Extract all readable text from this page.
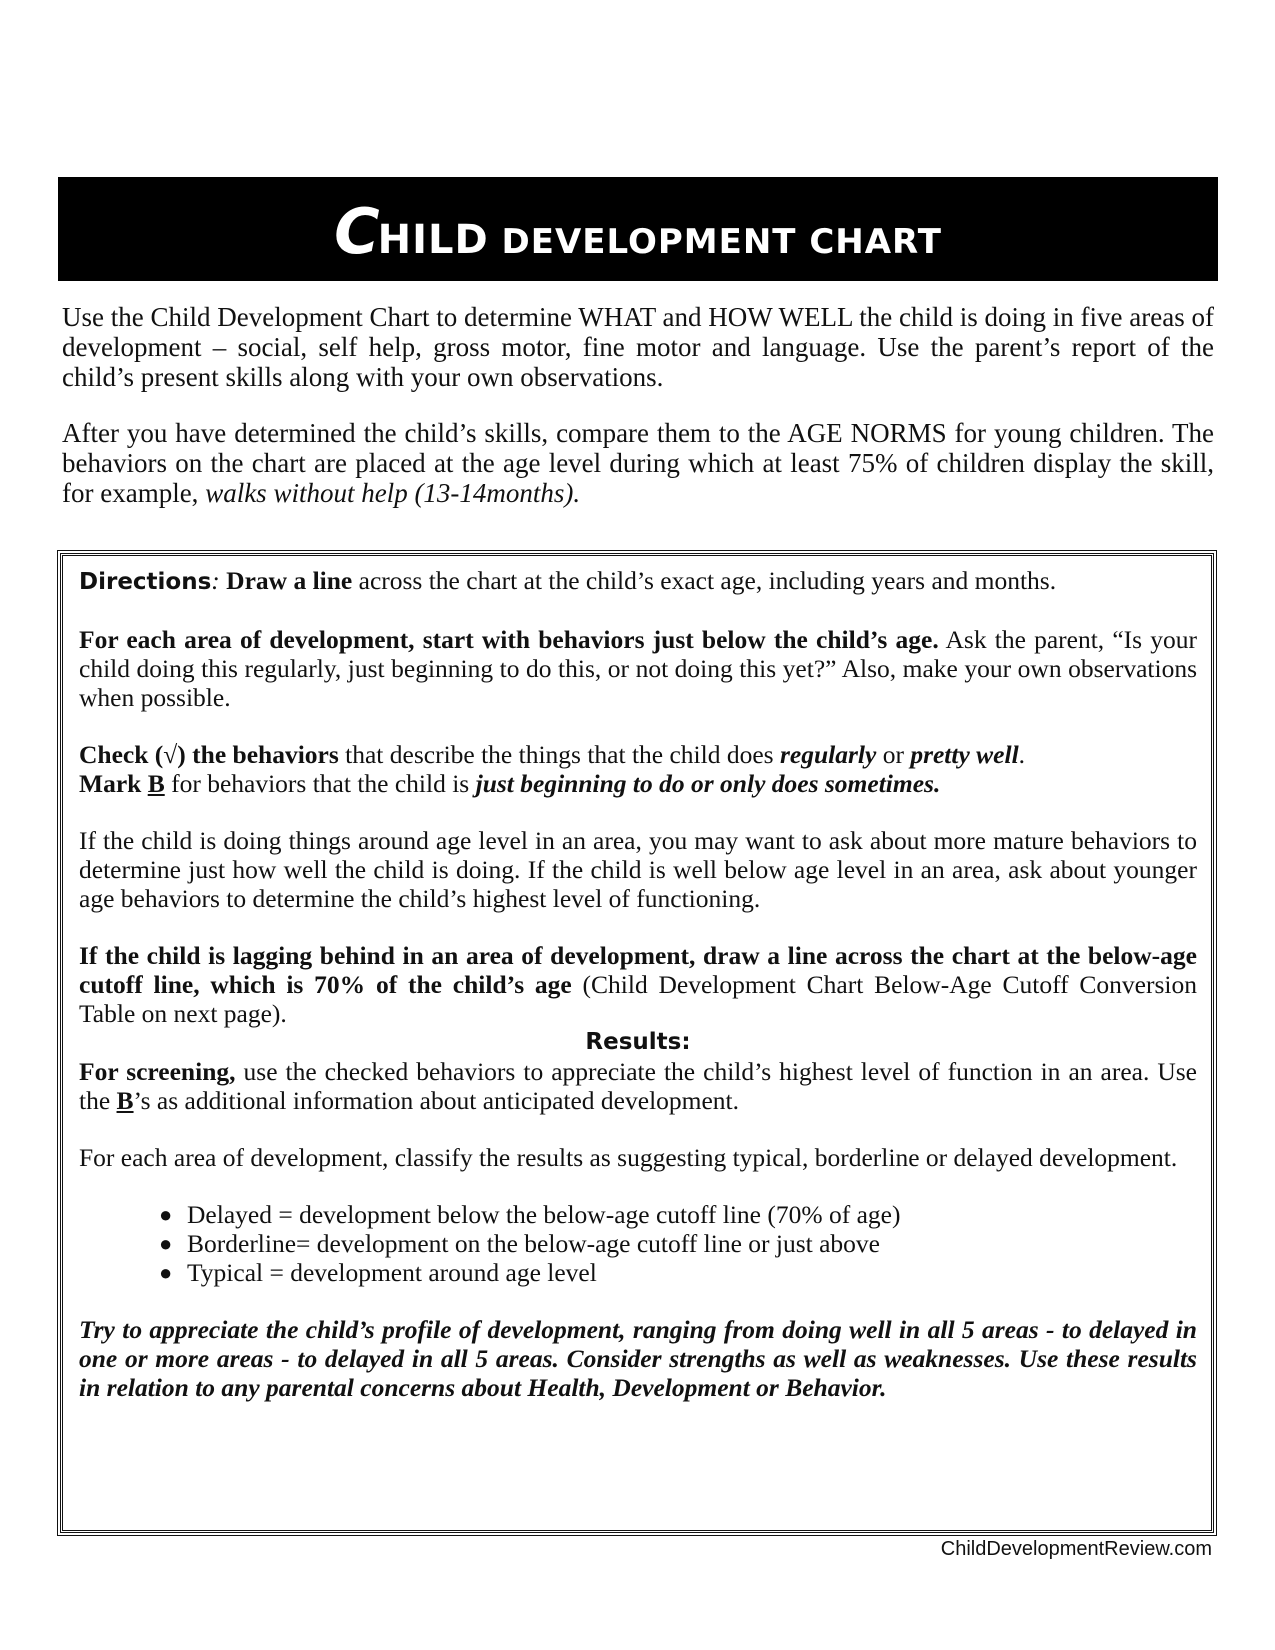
CHILD DEVELOPMENT CHART

Use the Child Development Chart to determine WHAT and HOW WELL the child is doing in five areas of development – social, self help, gross motor, fine motor and language. Use the parent’s report of the child’s present skills along with your own observations.

After you have determined the child’s skills, compare them to the AGE NORMS for young children. The behaviors on the chart are placed at the age level during which at least 75% of children display the skill, for example, walks without help (13-14months).

Directions: Draw a line across the chart at the child’s exact age, including years and months.

For each area of development, start with behaviors just below the child’s age. Ask the parent, “Is your child doing this regularly, just beginning to do this, or not doing this yet?” Also, make your own observations when possible.

Check (√) the behaviors that describe the things that the child does regularly or pretty well.
Mark B for behaviors that the child is just beginning to do or only does sometimes.

If the child is doing things around age level in an area, you may want to ask about more mature behaviors to determine just how well the child is doing. If the child is well below age level in an area, ask about younger age behaviors to determine the child’s highest level of functioning.

If the child is lagging behind in an area of development, draw a line across the chart at the below-age cutoff line, which is 70% of the child’s age (Child Development Chart Below-Age Cutoff Conversion Table on next page).

Results:

For screening, use the checked behaviors to appreciate the child’s highest level of function in an area. Use the B’s as additional information about anticipated development.

For each area of development, classify the results as suggesting typical, borderline or delayed development.

● Delayed = development below the below-age cutoff line (70% of age)
● Borderline= development on the below-age cutoff line or just above
● Typical = development around age level

Try to appreciate the child’s profile of development, ranging from doing well in all 5 areas - to delayed in one or more areas - to delayed in all 5 areas. Consider strengths as well as weaknesses. Use these results in relation to any parental concerns about Health, Development or Behavior.

ChildDevelopmentReview.com
